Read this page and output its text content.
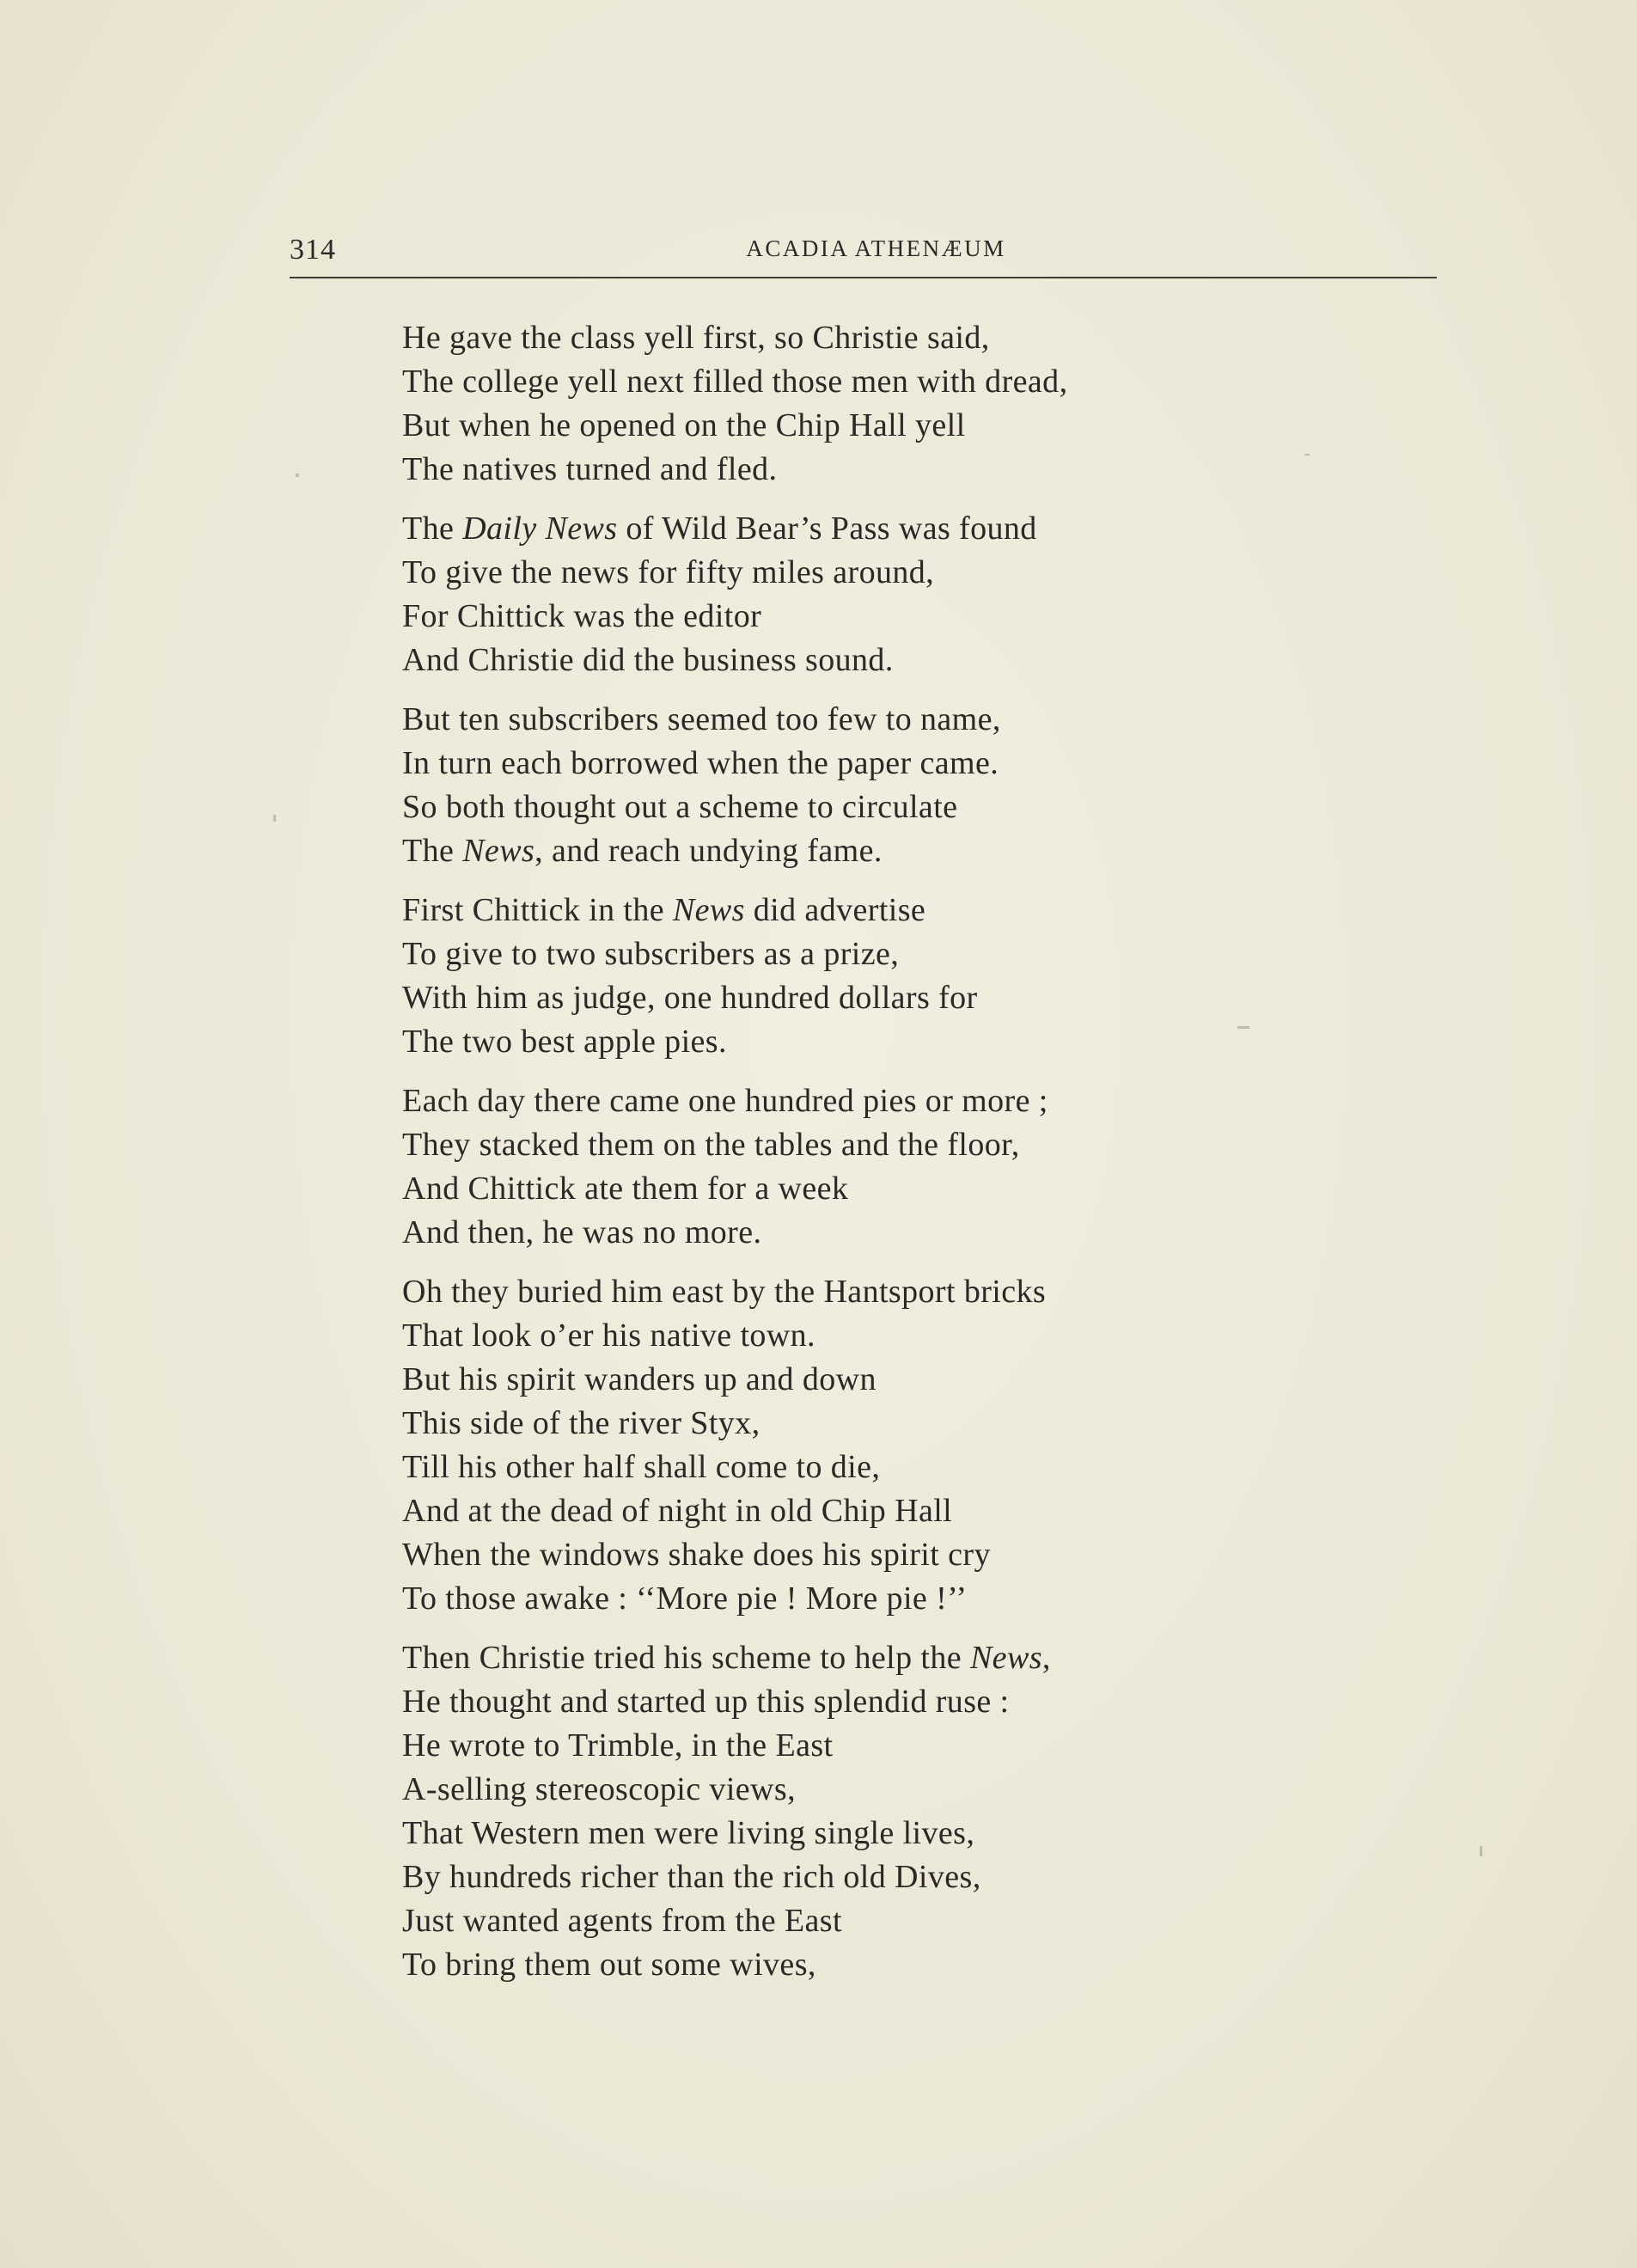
314	ACADIA ATHENÆUM
He gave the class yell first, so Christie said,
The college yell next filled those men with dread,
But when he opened on the Chip Hall yell
The natives turned and fled.
The Daily News of Wild Bear’s Pass was found
To give the news for fifty miles around,
For Chittick was the editor
And Christie did the business sound.
But ten subscribers seemed too few to name,
In turn each borrowed when the paper came.
So both thought out a scheme to circulate
The News, and reach undying fame.
First Chittick in the News did advertise
To give to two subscribers as a prize,
With him as judge, one hundred dollars for
The two best apple pies.
Each day there came one hundred pies or more ;
They stacked them on the tables and the floor,
And Chittick ate them for a week
And then, he was no more.
Oh they buried him east by the Hantsport bricks
That look o’er his native town.
But his spirit wanders up and down
This side of the river Styx,
Till his other half shall come to die,
And at the dead of night in old Chip Hall
When the windows shake does his spirit cry
To those awake : ‘‘More pie ! More pie !’’
Then Christie tried his scheme to help the News,
He thought and started up this splendid ruse :
He wrote to Trimble, in the East
A-selling stereoscopic views,
That Western men were living single lives,
By hundreds richer than the rich old Dives,
Just wanted agents from the East
To bring them out some wives,
